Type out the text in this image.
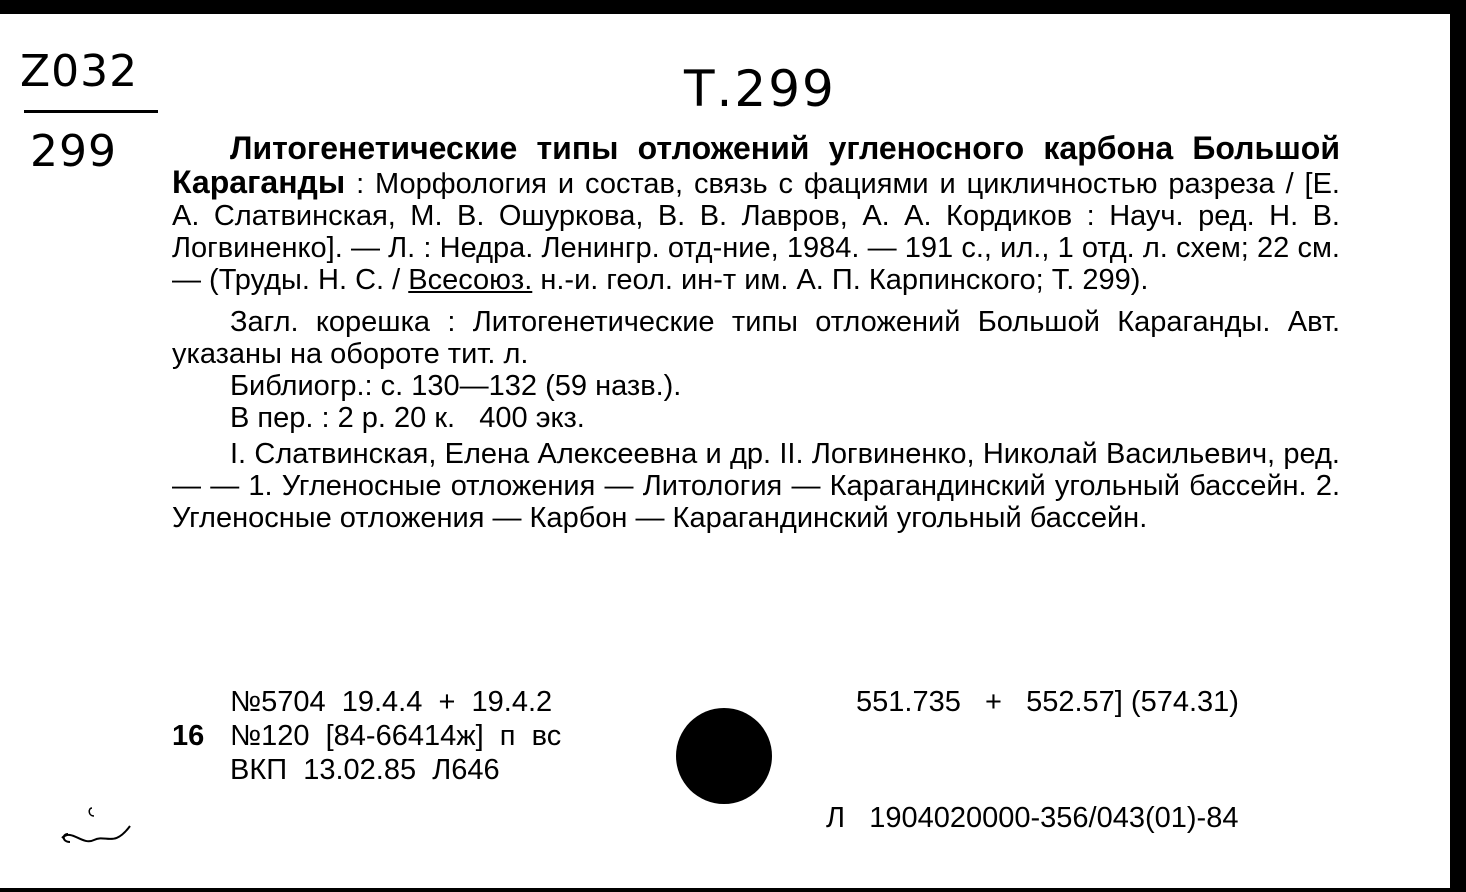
Z032
299
Т.299

Литогенетические типы отложений угленосного карбона Большой Караганды : Морфология и состав, связь с фациями и цикличностью разреза / [Е. А. Слатвинская, М. В. Ошуркова, В. В. Лавров, А. А. Кордиков : Науч. ред. Н. В. Логвиненко]. — Л. : Недра. Ленингр. отд-ние, 1984. — 191 с., ил., 1 отд. л. схем; 22 см. — (Труды. Н. С. / Всесоюз. н.-и. геол. ин-т им. А. П. Карпинского; Т. 299).

Загл. корешка : Литогенетические типы отложений Большой Караганды. Авт. указаны на обороте тит. л.

Библиогр.: с. 130—132 (59 назв.).

В пер. : 2 р. 20 к.   400 экз.

I. Слатвинская, Елена Алексеевна и др. II. Логвиненко, Николай Васильевич, ред. — — 1. Угленосные отложения — Литология — Карагандинский угольный бассейн. 2. Угленосные отложения — Карбон — Карагандинский угольный бассейн.

№5704  19.4.4  +  19.4.2	551.735   +   552.57] (574.31)
16 №120  [84-66414ж]  п  вс
ВКП  13.02.85  Л646
Л   1904020000-356/043(01)-84
